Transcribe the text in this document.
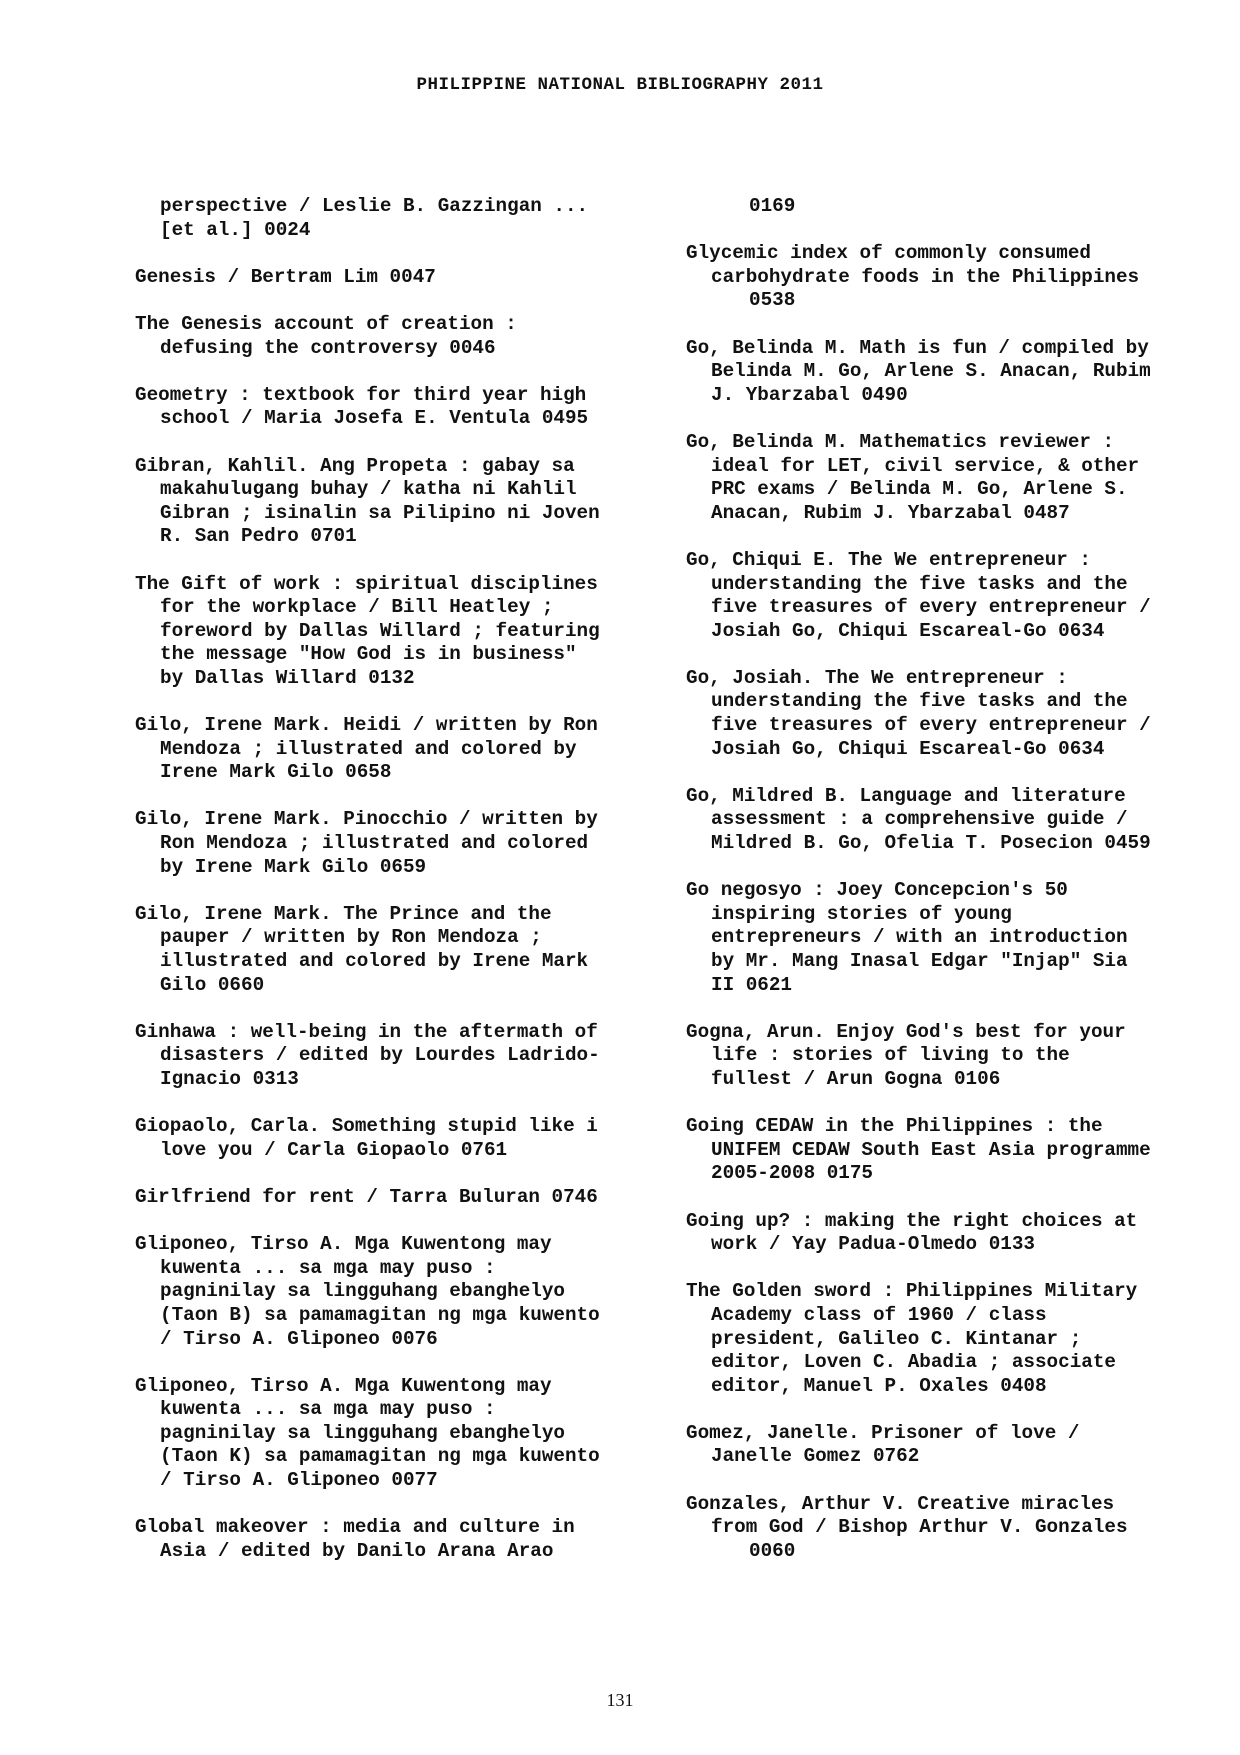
PHILIPPINE NATIONAL BIBLIOGRAPHY 2011
perspective / Leslie B. Gazzingan ...
[et al.] 0024
Genesis / Bertram Lim 0047
The Genesis account of creation :
defusing the controversy 0046
Geometry : textbook for third year high
school / Maria Josefa E. Ventula 0495
Gibran, Kahlil. Ang Propeta : gabay sa
makahulugang buhay / katha ni Kahlil
Gibran ; isinalin sa Pilipino ni Joven
R. San Pedro 0701
The Gift of work : spiritual disciplines
for the workplace / Bill Heatley ;
foreword by Dallas Willard ; featuring
the message "How God is in business"
by Dallas Willard 0132
Gilo, Irene Mark. Heidi / written by Ron
Mendoza ; illustrated and colored by
Irene Mark Gilo 0658
Gilo, Irene Mark. Pinocchio / written by
Ron Mendoza ; illustrated and colored
by Irene Mark Gilo 0659
Gilo, Irene Mark. The Prince and the
pauper / written by Ron Mendoza ;
illustrated and colored by Irene Mark
Gilo 0660
Ginhawa : well-being in the aftermath of
disasters / edited by Lourdes Ladrido-
Ignacio 0313
Giopaolo, Carla. Something stupid like i
love you / Carla Giopaolo 0761
Girlfriend for rent / Tarra Buluran 0746
Gliponeo, Tirso A. Mga Kuwentong may
kuwenta ... sa mga may puso :
pagninilay sa lingguhang ebanghelyo
(Taon B) sa pamamagitan ng mga kuwento
/ Tirso A. Gliponeo 0076
Gliponeo, Tirso A. Mga Kuwentong may
kuwenta ... sa mga may puso :
pagninilay sa lingguhang ebanghelyo
(Taon K) sa pamamagitan ng mga kuwento
/ Tirso A. Gliponeo 0077
Global makeover : media and culture in
Asia / edited by Danilo Arana Arao
0169
Glycemic index of commonly consumed
carbohydrate foods in the Philippines
0538
Go, Belinda M. Math is fun / compiled by
Belinda M. Go, Arlene S. Anacan, Rubim
J. Ybarzabal 0490
Go, Belinda M. Mathematics reviewer :
ideal for LET, civil service, & other
PRC exams / Belinda M. Go, Arlene S.
Anacan, Rubim J. Ybarzabal 0487
Go, Chiqui E. The We entrepreneur :
understanding the five tasks and the
five treasures of every entrepreneur /
Josiah Go, Chiqui Escareal-Go 0634
Go, Josiah. The We entrepreneur :
understanding the five tasks and the
five treasures of every entrepreneur /
Josiah Go, Chiqui Escareal-Go 0634
Go, Mildred B. Language and literature
assessment : a comprehensive guide /
Mildred B. Go, Ofelia T. Posecion 0459
Go negosyo : Joey Concepcion's 50
inspiring stories of young
entrepreneurs / with an introduction
by Mr. Mang Inasal Edgar "Injap" Sia
II 0621
Gogna, Arun. Enjoy God's best for your
life : stories of living to the
fullest / Arun Gogna 0106
Going CEDAW in the Philippines : the
UNIFEM CEDAW South East Asia programme
2005-2008 0175
Going up? : making the right choices at
work / Yay Padua-Olmedo 0133
The Golden sword : Philippines Military
Academy class of 1960 / class
president, Galileo C. Kintanar ;
editor, Loven C. Abadia ; associate
editor, Manuel P. Oxales 0408
Gomez, Janelle. Prisoner of love /
Janelle Gomez 0762
Gonzales, Arthur V. Creative miracles
from God / Bishop Arthur V. Gonzales
0060
131
